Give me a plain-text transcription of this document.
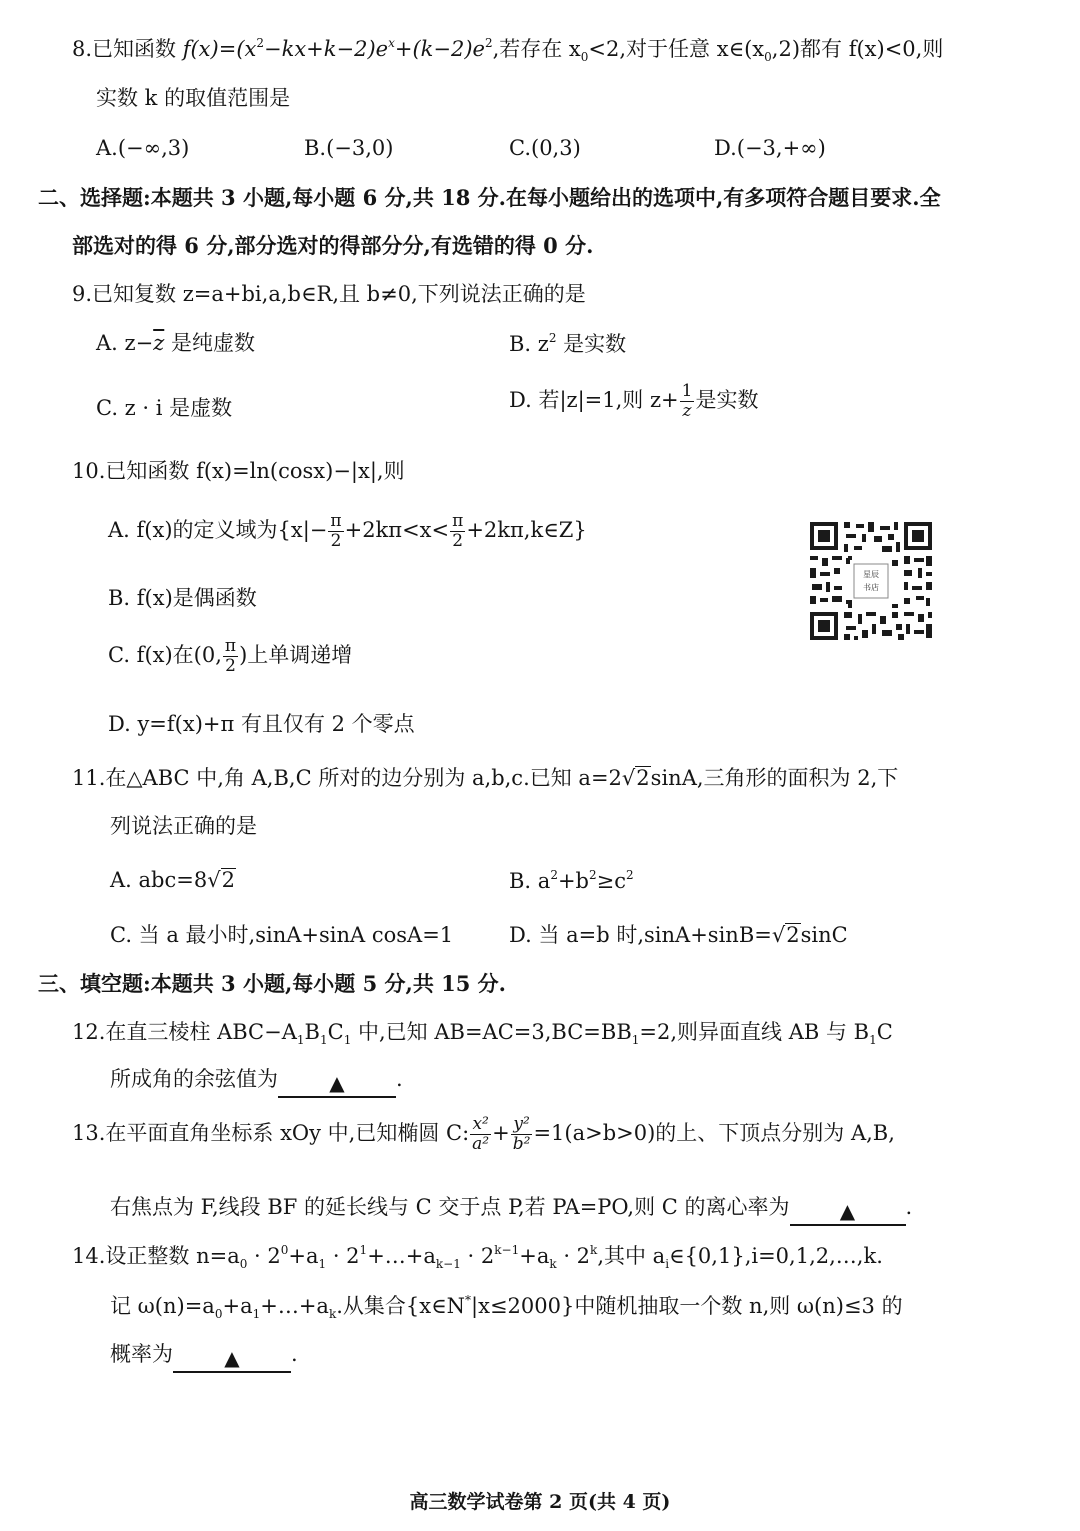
8.已知函数 $f(x)=(x^2-kx+k-2)e^x+(k-2)e^2$,若存在 $x_0<2$,对于任意 $x\in(x_0,2)$都有 f(x)<0,则
实数 k 的取值范围是
A.(−∞,3)	B.(−3,0)	C.(0,3)	D.(−3,+∞)
二、选择题:本题共 3 小题,每小题 6 分,共 18 分.在每小题给出的选项中,有多项符合题目要求.全
部选对的得 6 分,部分选对的得部分分,有选错的得 0 分.
9.已知复数 z=a+bi,a,b∈R,且 b≠0,下列说法正确的是
A. $z-\overline{z}$ 是纯虚数	B. $z^2$ 是实数
C. z · i 是虚数	D. 若|z|=1,则 $z+ \frac{1}{z}$ 是实数
10.已知函数 f(x)=ln(cosx)−|x|,则
A. f(x)的定义域为{$x|- \frac{\pi}{2} +2k\pi<x< \frac{\pi}{2}$ +2kπ,k∈Z}
B. f(x)是偶函数
C. f(x)在(0, $\frac{\pi}{2}$ )上单调递增
D. y=f(x)+π 有且仅有 2 个零点
星辰
书店
11.在△ABC 中,角 A,B,C 所对的边分别为 a,b,c.已知 a=2√2sinA,三角形的面积为 2,下
列说法正确的是
A. abc=8√2	B. $a^2+b^2\ge c^2$
C. 当 a 最小时,sinA+sinA cosA=1	D. 当 a=b 时,sinA+sinB=√2sinC
三、填空题:本题共 3 小题,每小题 5 分,共 15 分.
12.在直三棱柱 $ABC-A_1B_1C_1$ 中,已知 $AB=AC=3,BC=BB_1=2$,则异面直线 AB 与 $B_1C$
所成角的余弦值为	▲ .
13.在平面直角坐标系 xOy 中,已知椭圆 C: $\frac{\text{x²}}{\text{a²}} + \frac{\text{y²}}{\text{b²}} =1(a>b>0)$的上、下顶点分别为 A,B,
右焦点为 F,线段 BF 的延长线与 C 交于点 P,若 PA=PO,则 C 的离心率为	▲ .
14.设正整数 $n=a_0 \cdot 2^0+a_1$ · $2^1+\dots+a_{k-1} \cdot 2^{k-1}+a_k \cdot 2^k$,其中 $a_i\in\{0,1\},i=0,1,2,\dots,k$.
记 $\omega(n)=a_0+a_1+\dots+a_k$.从集合{x∈N*|x≤2000}中随机抽取一个数 n,则 ω(n)≤3 的
概率为	▲ .
高三数学试卷第 2 页(共 4 页)
